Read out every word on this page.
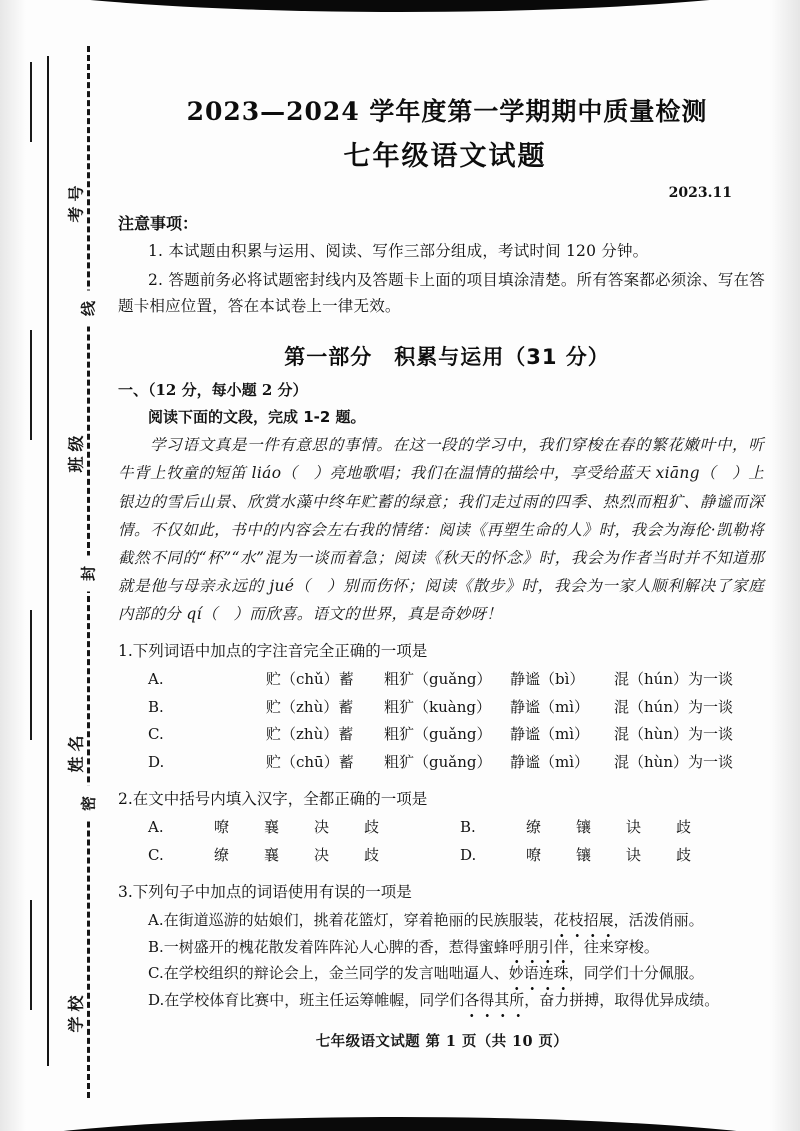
考号
班级
姓名
学校
线
封
密
2023—2024 学年度第一学期期中质量检测
七年级语文试题
2023.11
注意事项：
1. 本试题由积累与运用、阅读、写作三部分组成，考试时间 120 分钟。
2. 答题前务必将试题密封线内及答题卡上面的项目填涂清楚。所有答案都必须涂、写在答题卡相应位置，答在本试卷上一律无效。
第一部分　积累与运用（31 分）
一、（12 分，每小题 2 分）
阅读下面的文段，完成 1-2 题。
学习语文真是一件有意思的事情。在这一段的学习中，我们穿梭在春的繁花嫩叶中，听牛背上牧童的短笛 liáo（　）亮地歌唱；我们在温情的描绘中，享受给蓝天 xiāng（　）上银边的雪后山景、欣赏水藻中终年贮蓄的绿意；我们走过雨的四季、热烈而粗犷、静谧而深情。不仅如此，书中的内容会左右我的情绪：阅读《再塑生命的人》时，我会为海伦·凯勒将截然不同的“杯”“水”混为一谈而着急；阅读《秋天的怀念》时，我会为作者当时并不知道那就是他与母亲永远的 jué（　）别而伤怀；阅读《散步》时，我会为一家人顺利解决了家庭内部的分 qí（　）而欣喜。语文的世界，真是奇妙呀！
1.下列词语中加点的字注音完全正确的一项是
A.	贮（chǔ）蓄 粗犷（guǎng） 静谧（bì） 混（hún）为一谈
B.	贮（zhù）蓄 粗犷（kuàng） 静谧（mì） 混（hún）为一谈
C.	贮（zhù）蓄 粗犷（guǎng） 静谧（mì） 混（hùn）为一谈
D.	贮（chū）蓄 粗犷（guǎng） 静谧（mì） 混（hùn）为一谈
2.在文中括号内填入汉字，全都正确的一项是
A.	嘹 襄 决 歧	B.	缭 镶 诀 歧
C.	缭 襄 决 歧	D.	嘹 镶 诀 歧
3.下列句子中加点的词语使用有误的一项是
A.在街道巡游的姑娘们，挑着花篮灯，穿着艳丽的民族服装，花枝招展，活泼俏丽。
B.一树盛开的槐花散发着阵阵沁人心脾的香，惹得蜜蜂呼朋引伴，往来穿梭。
C.在学校组织的辩论会上，金兰同学的发言咄咄逼人、妙语连珠，同学们十分佩服。
D.在学校体育比赛中，班主任运筹帷幄，同学们各得其所，奋力拼搏，取得优异成绩。
七年级语文试题 第 1 页（共 10 页）
